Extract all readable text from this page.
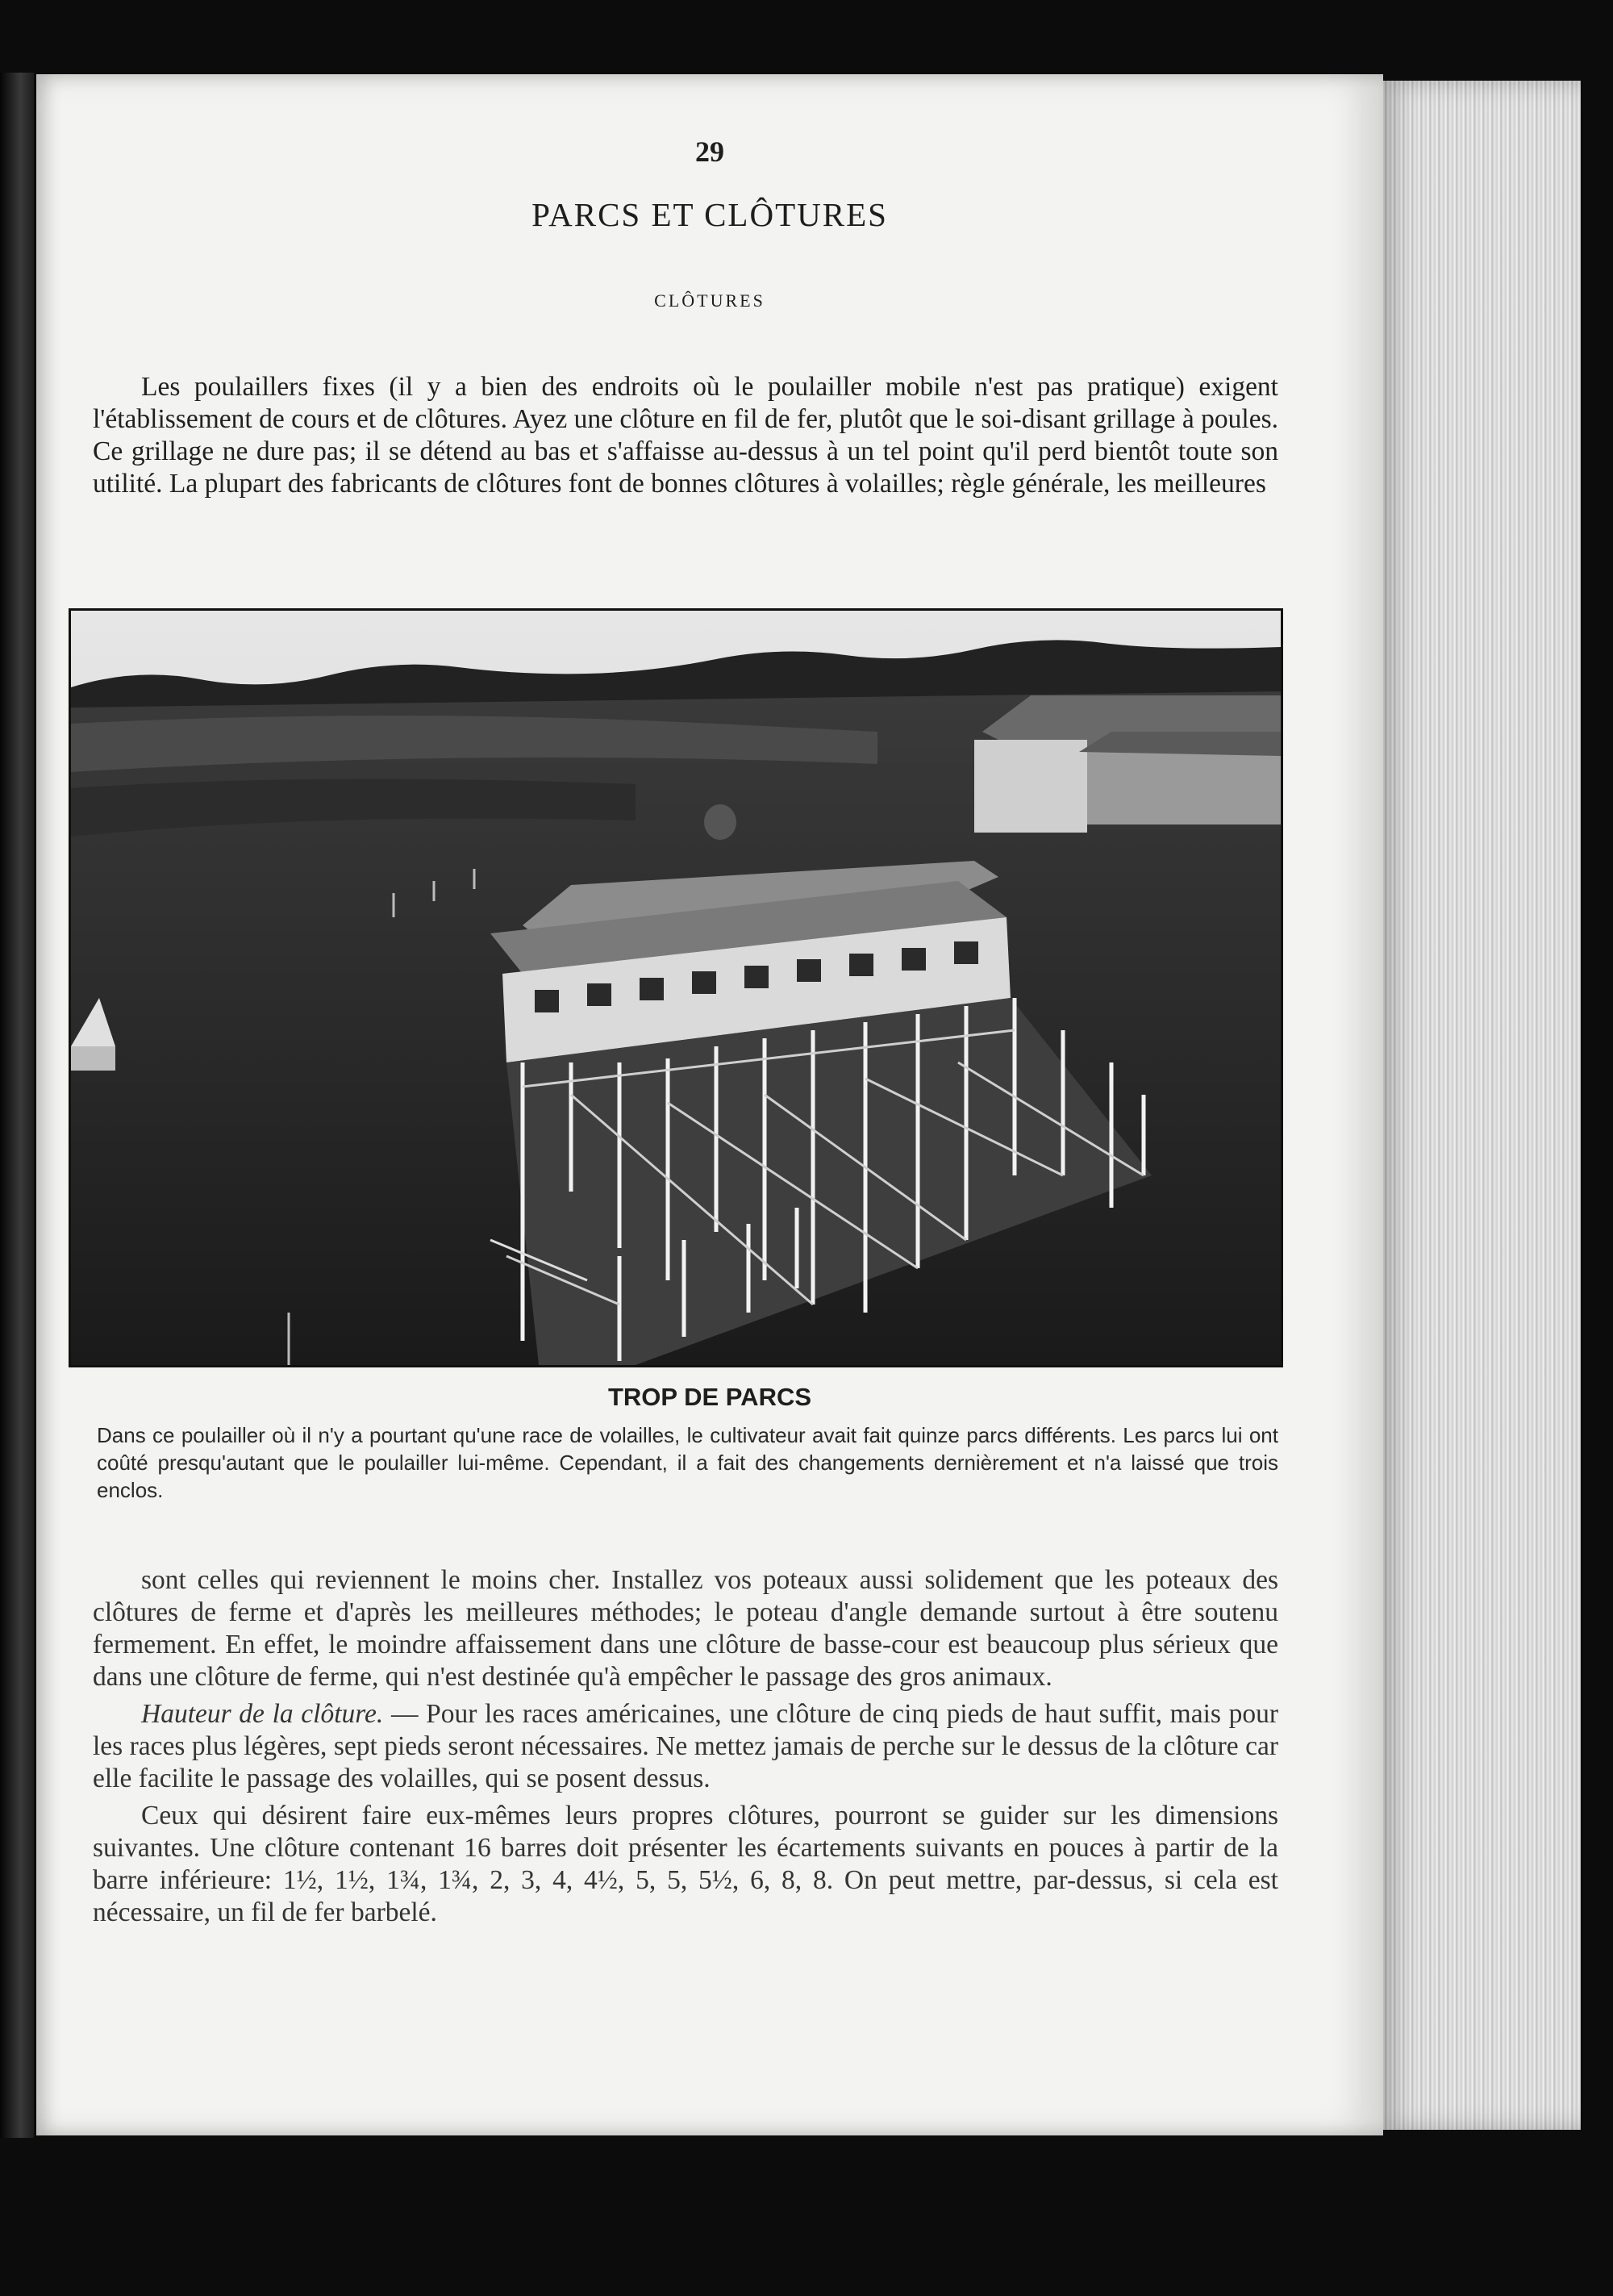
29
PARCS ET CLÔTURES
CLÔTURES

Les poulaillers fixes (il y a bien des endroits où le poulailler mobile n'est pas pratique) exigent l'établissement de cours et de clôtures. Ayez une clôture en fil de fer, plutôt que le soi-disant grillage à poules. Ce grillage ne dure pas; il se détend au bas et s'affaisse au-dessus à un tel point qu'il perd bientôt toute son utilité. La plupart des fabricants de clôtures font de bonnes clôtures à volailles; règle générale, les meilleures

TROP DE PARCS
Dans ce poulailler où il n'y a pourtant qu'une race de volailles, le cultivateur avait fait quinze parcs différents. Les parcs lui ont coûté presqu'autant que le poulailler lui-même. Cependant, il a fait des changements dernièrement et n'a laissé que trois enclos.

sont celles qui reviennent le moins cher. Installez vos poteaux aussi solidement que les poteaux des clôtures de ferme et d'après les meilleures méthodes; le poteau d'angle demande surtout à être soutenu fermement. En effet, le moindre affaissement dans une clôture de basse-cour est beaucoup plus sérieux que dans une clôture de ferme, qui n'est destinée qu'à empêcher le passage des gros animaux.

Hauteur de la clôture. — Pour les races américaines, une clôture de cinq pieds de haut suffit, mais pour les races plus légères, sept pieds seront nécessaires. Ne mettez jamais de perche sur le dessus de la clôture car elle facilite le passage des volailles, qui se posent dessus.

Ceux qui désirent faire eux-mêmes leurs propres clôtures, pourront se guider sur les dimensions suivantes. Une clôture contenant 16 barres doit présenter les écartements suivants en pouces à partir de la barre inférieure: 1½, 1½, 1¾, 1¾, 2, 3, 4, 4½, 5, 5, 5½, 6, 8, 8. On peut mettre, par-dessus, si cela est nécessaire, un fil de fer barbelé.
